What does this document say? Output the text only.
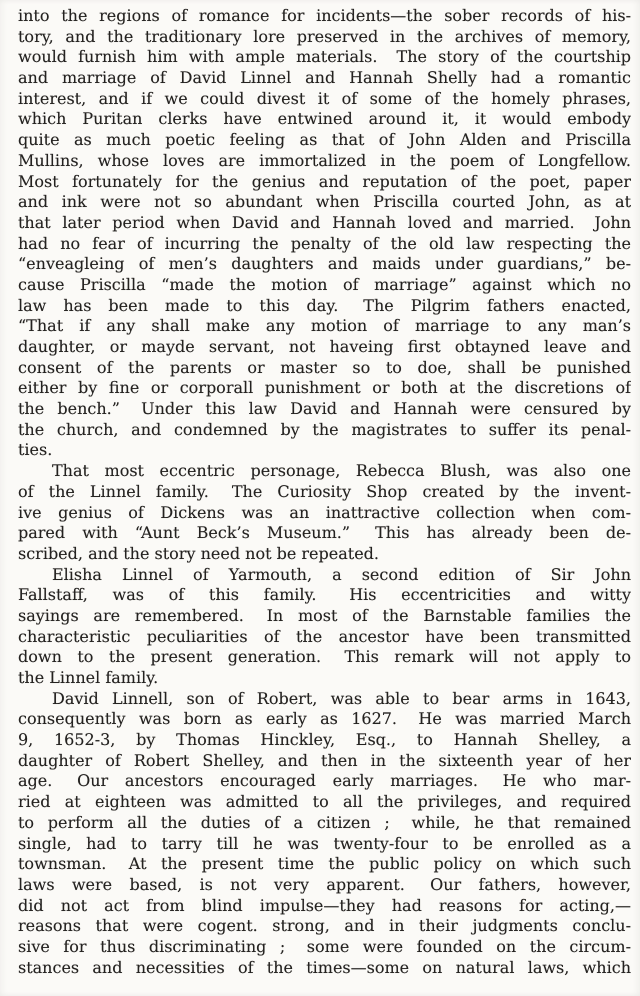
into the regions of romance for incidents—the sober records of his-
tory, and the traditionary lore preserved in the archives of memory,
would furnish him with ample materials.  The story of the courtship
and marriage of David Linnel and Hannah Shelly had a romantic
interest, and if we could divest it of some of the homely phrases,
which Puritan clerks have entwined around it, it would embody
quite as much poetic feeling as that of John Alden and Priscilla
Mullins, whose loves are immortalized in the poem of Longfellow.
Most fortunately for the genius and reputation of the poet, paper
and ink were not so abundant when Priscilla courted John, as at
that later period when David and Hannah loved and married.  John
had no fear of incurring the penalty of the old law respecting the
“enveagleing of men’s daughters and maids under guardians,” be-
cause Priscilla “made the motion of marriage” against which no
law has been made to this day.  The Pilgrim fathers enacted,
“That if any shall make any motion of marriage to any man’s
daughter, or mayde servant, not haveing first obtayned leave and
consent of the parents or master so to doe, shall be punished
either by fine or corporall punishment or both at the discretions of
the bench.”  Under this law David and Hannah were censured by
the church, and condemned by the magistrates to suffer its penal-
ties.
That most eccentric personage, Rebecca Blush, was also one
of the Linnel family.  The Curiosity Shop created by the invent-
ive genius of Dickens was an inattractive collection when com-
pared with “Aunt Beck’s Museum.”  This has already been de-
scribed, and the story need not be repeated.
Elisha Linnel of Yarmouth, a second edition of Sir John
Fallstaff, was of this family.  His eccentricities and witty
sayings are remembered.  In most of the Barnstable families the
characteristic peculiarities of the ancestor have been transmitted
down to the present generation.  This remark will not apply to
the Linnel family.
David Linnell, son of Robert, was able to bear arms in 1643,
consequently was born as early as 1627.  He was married March
9, 1652-3, by Thomas Hinckley, Esq., to Hannah Shelley, a
daughter of Robert Shelley, and then in the sixteenth year of her
age.  Our ancestors encouraged early marriages.  He who mar-
ried at eighteen was admitted to all the privileges, and required
to perform all the duties of a citizen ;  while, he that remained
single, had to tarry till he was twenty-four to be enrolled as a
townsman.  At the present time the public policy on which such
laws were based, is not very apparent.  Our fathers, however,
did not act from blind impulse—they had reasons for acting,—
reasons that were cogent. strong, and in their judgments conclu-
sive for thus discriminating ;  some were founded on the circum-
stances and necessities of the times—some on natural laws, which
